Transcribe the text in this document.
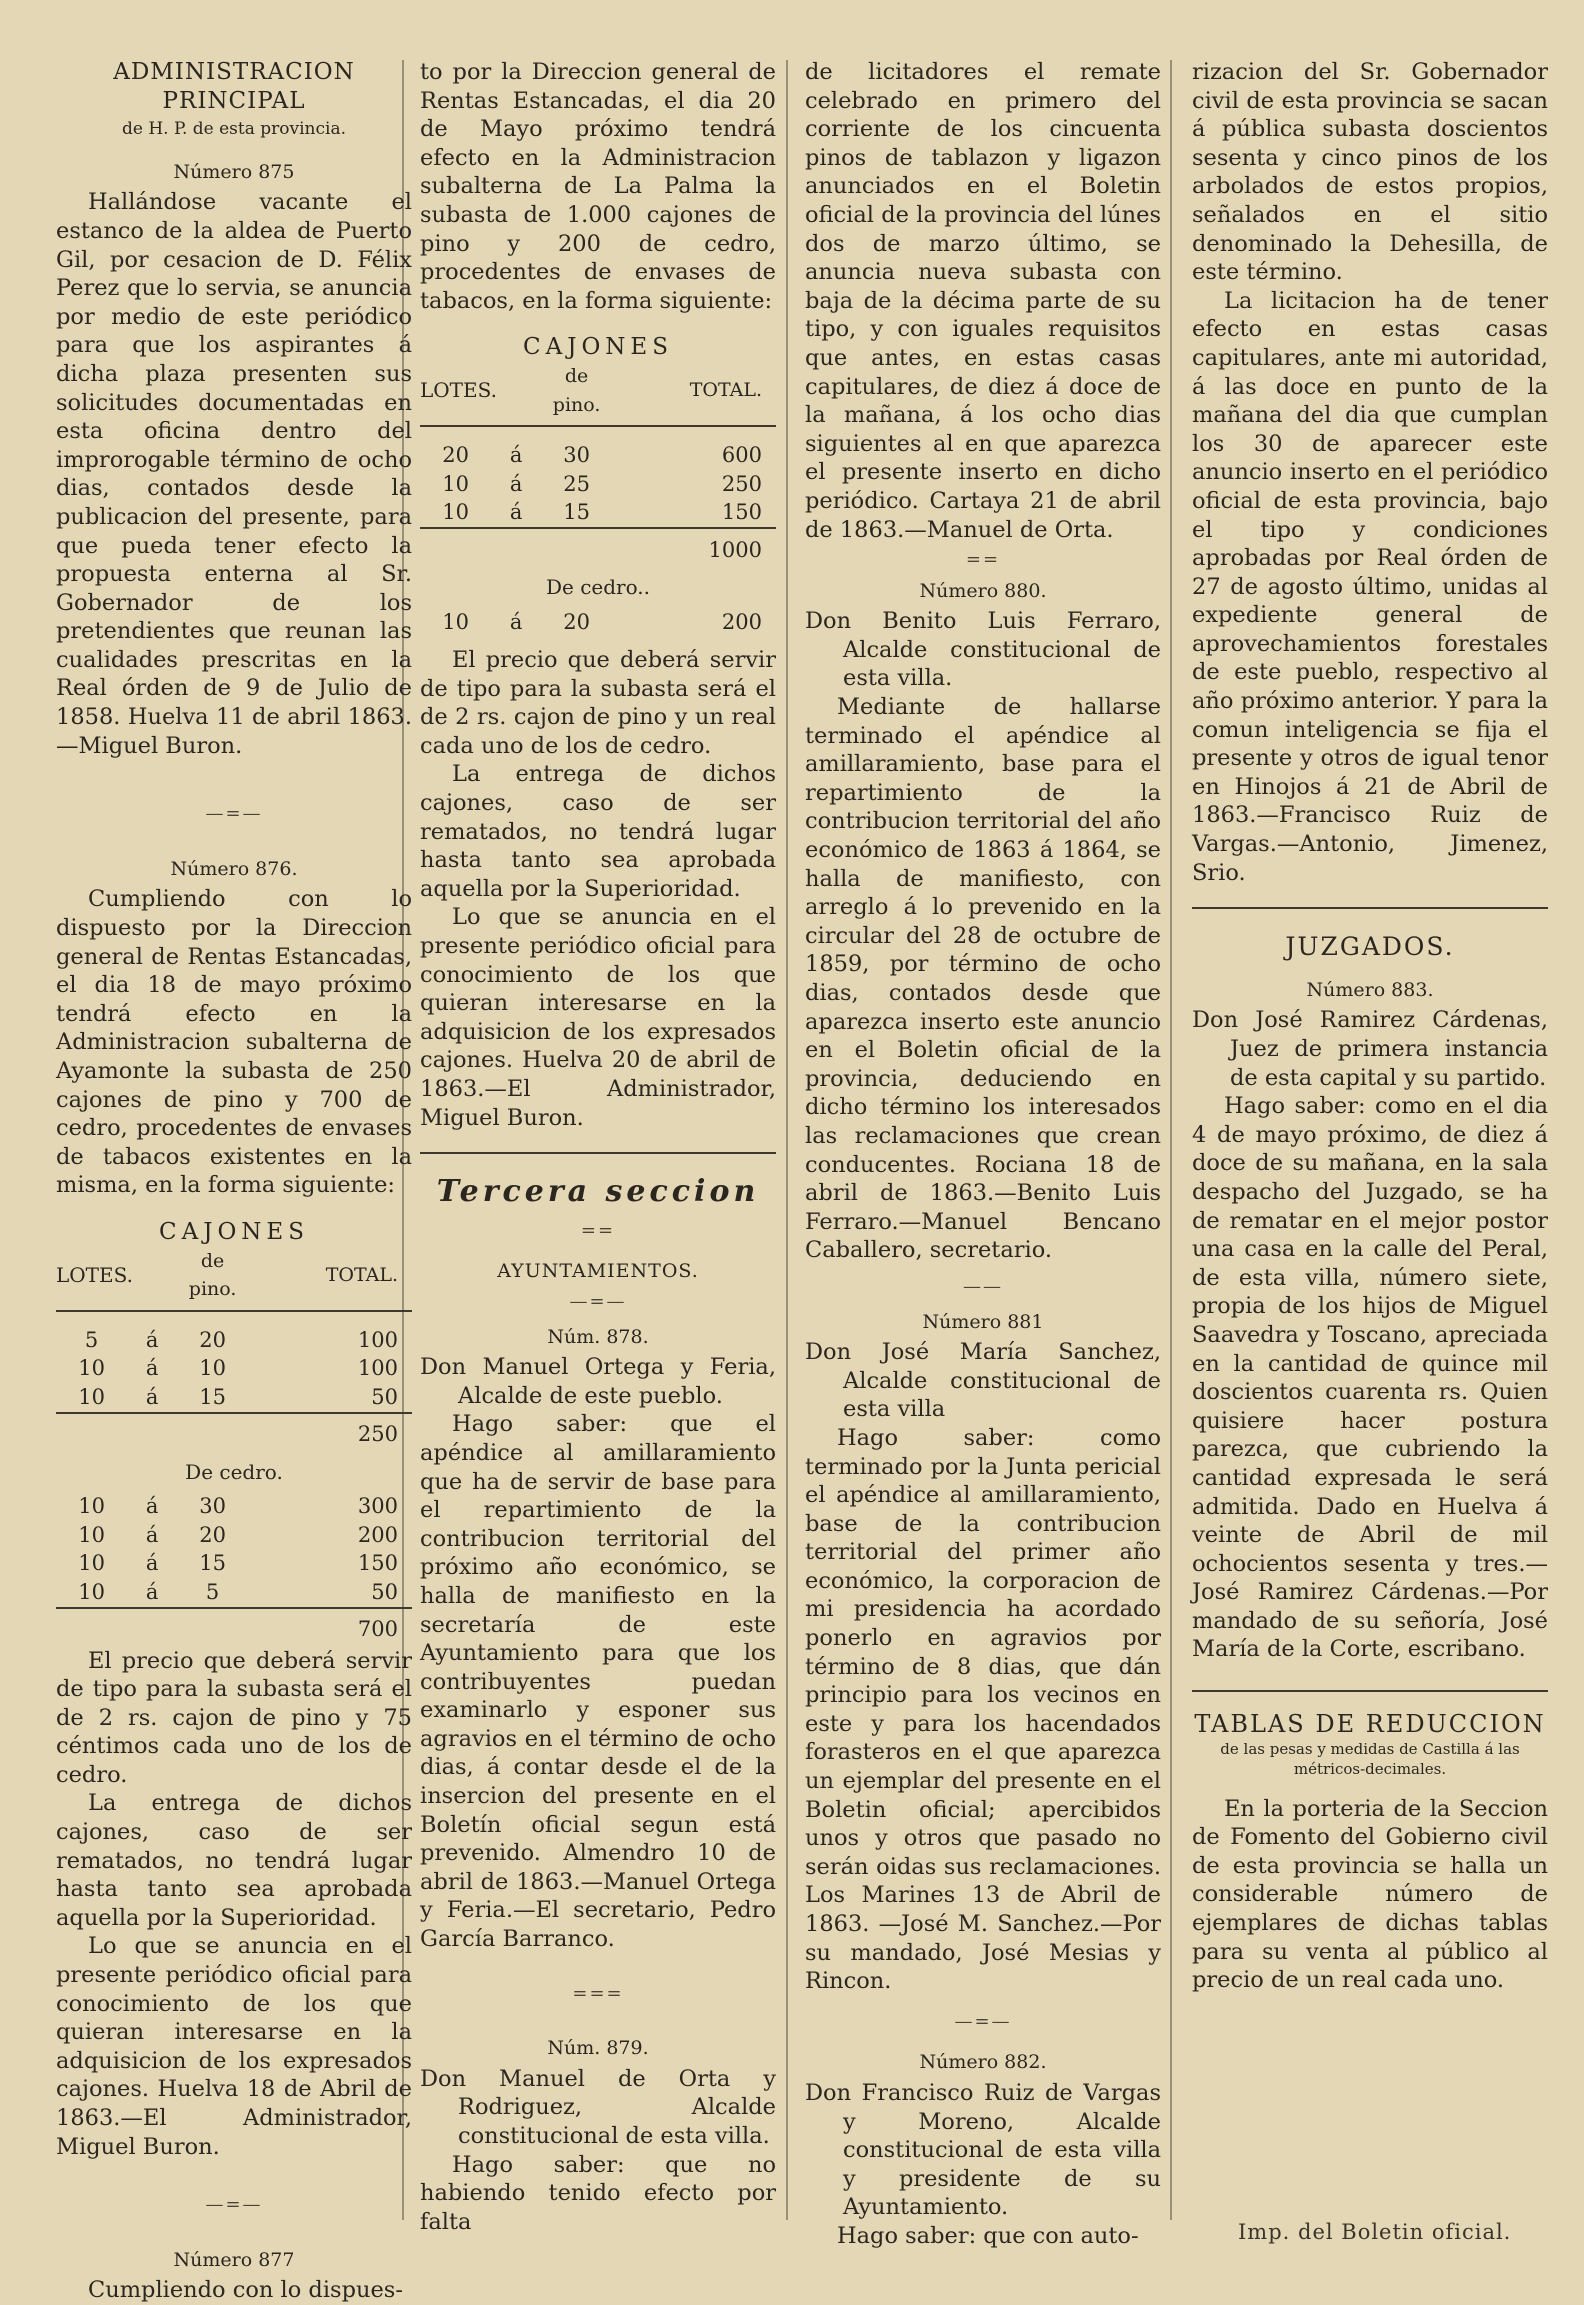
ADMINISTRACION PRINCIPAL
de H. P. de esta provincia.
Número 875

Hallándose vacante el estanco de la aldea de Puerto Gil, por cesacion de D. Félix Perez que lo servia, se anuncia por medio de este periódico para que los aspirantes á dicha plaza presenten sus solicitudes documentadas en esta oficina dentro del improrogable término de ocho dias, contados desde la publicacion del presente, para que pueda tener efecto la propuesta enterna al Sr. Gobernador de los pretendientes que reunan las cualidades prescritas en la Real órden de 9 de Julio de 1858. Huelva 11 de abril 1863.—Miguel Buron.

—=—
Número 876.

Cumpliendo con lo dispuesto por la Direccion general de Rentas Estancadas, el dia 18 de mayo próximo tendrá efecto en la Administracion subalterna de Ayamonte la subasta de 250 cajones de pino y 700 de cedro, procedentes de envases de tabacos existentes en la misma, en la forma siguiente:

CAJONES
LOTES.		de pino.	TOTAL.

5	á	20	100
10	á	10	100
10	á	15	50
			250
De cedro.
10	á	30	300
10	á	20	200
10	á	15	150
10	á	5	50
			700

El precio que deberá servir de tipo para la subasta será el de 2 rs. cajon de pino y 75 céntimos cada uno de los de cedro.

La entrega de dichos cajones, caso de ser rematados, no tendrá lugar hasta tanto sea aprobada aquella por la Superioridad.

Lo que se anuncia en el presente periódico oficial para conocimiento de los que quieran interesarse en la adquisicion de los expresados cajones. Huelva 18 de Abril de 1863.—El Administrador, Miguel Buron.

—=—
Número 877

Cumpliendo con lo dispues-

to por la Direccion general de Rentas Estancadas, el dia 20 de Mayo próximo tendrá efecto en la Administracion subalterna de La Palma la subasta de 1.000 cajones de pino y 200 de cedro, procedentes de envases de tabacos, en la forma siguiente:

CAJONES
LOTES.		de pino.	TOTAL.

20	á	30	600
10	á	25	250
10	á	15	150
			1000
De cedro..
10	á	20	200

El precio que deberá servir de tipo para la subasta será el de 2 rs. cajon de pino y un real cada uno de los de cedro.

La entrega de dichos cajones, caso de ser rematados, no tendrá lugar hasta tanto sea aprobada aquella por la Superioridad.

Lo que se anuncia en el presente periódico oficial para conocimiento de los que quieran interesarse en la adquisicion de los expresados cajones. Huelva 20 de abril de 1863.—El Administrador, Miguel Buron.

Tercera seccion
==
AYUNTAMIENTOS.
—=—
Núm. 878.

Don Manuel Ortega y Feria, Alcalde de este pueblo.

Hago saber: que el apéndice al amillaramiento que ha de servir de base para el repartimiento de la contribucion territorial del próximo año económico, se halla de manifiesto en la secretaría de este Ayuntamiento para que los contribuyentes puedan examinarlo y esponer sus agravios en el término de ocho dias, á contar desde el de la insercion del presente en el Boletín oficial segun está prevenido. Almendro 10 de abril de 1863.—Manuel Ortega y Feria.—El secretario, Pedro García Barranco.

===
Núm. 879.

Don Manuel de Orta y Rodriguez, Alcalde constitucional de esta villa.

Hago saber: que no habiendo tenido efecto por falta

de licitadores el remate celebrado en primero del corriente de los cincuenta pinos de tablazon y ligazon anunciados en el Boletin oficial de la provincia del lúnes dos de marzo último, se anuncia nueva subasta con baja de la décima parte de su tipo, y con iguales requisitos que antes, en estas casas capitulares, de diez á doce de la mañana, á los ocho dias siguientes al en que aparezca el presente inserto en dicho periódico. Cartaya 21 de abril de 1863.—Manuel de Orta.

==
Número 880.

Don Benito Luis Ferraro, Alcalde constitucional de esta villa.

Mediante de hallarse terminado el apéndice al amillaramiento, base para el repartimiento de la contribucion territorial del año económico de 1863 á 1864, se halla de manifiesto, con arreglo á lo prevenido en la circular del 28 de octubre de 1859, por término de ocho dias, contados desde que aparezca inserto este anuncio en el Boletin oficial de la provincia, deduciendo en dicho término los interesados las reclamaciones que crean conducentes. Rociana 18 de abril de 1863.—Benito Luis Ferraro.—Manuel Bencano Caballero, secretario.

——
Número 881

Don José María Sanchez, Alcalde constitucional de esta villa

Hago saber: como terminado por la Junta pericial el apéndice al amillaramiento, base de la contribucion territorial del primer año económico, la corporacion de mi presidencia ha acordado ponerlo en agravios por término de 8 dias, que dán principio para los vecinos en este y para los hacendados forasteros en el que aparezca un ejemplar del presente en el Boletin oficial; apercibidos unos y otros que pasado no serán oidas sus reclamaciones. Los Marines 13 de Abril de 1863. —José M. Sanchez.—Por su mandado, José Mesias y Rincon.

—=—
Número 882.

Don Francisco Ruiz de Vargas y Moreno, Alcalde constitucional de esta villa y presidente de su Ayuntamiento.

Hago saber: que con auto-

rizacion del Sr. Gobernador civil de esta provincia se sacan á pública subasta doscientos sesenta y cinco pinos de los arbolados de estos propios, señalados en el sitio denominado la Dehesilla, de este término.

La licitacion ha de tener efecto en estas casas capitulares, ante mi autoridad, á las doce en punto de la mañana del dia que cumplan los 30 de aparecer este anuncio inserto en el periódico oficial de esta provincia, bajo el tipo y condiciones aprobadas por Real órden de 27 de agosto último, unidas al expediente general de aprovechamientos forestales de este pueblo, respectivo al año próximo anterior. Y para la comun inteligencia se fija el presente y otros de igual tenor en Hinojos á 21 de Abril de 1863.—Francisco Ruiz de Vargas.—Antonio, Jimenez, Srio.

JUZGADOS.
Número 883.

Don José Ramirez Cárdenas, Juez de primera instancia de esta capital y su partido.

Hago saber: como en el dia 4 de mayo próximo, de diez á doce de su mañana, en la sala despacho del Juzgado, se ha de rematar en el mejor postor una casa en la calle del Peral, de esta villa, número siete, propia de los hijos de Miguel Saavedra y Toscano, apreciada en la cantidad de quince mil doscientos cuarenta rs. Quien quisiere hacer postura parezca, que cubriendo la cantidad expresada le será admitida. Dado en Huelva á veinte de Abril de mil ochocientos sesenta y tres.—José Ramirez Cárdenas.—Por mandado de su señoría, José María de la Corte, escribano.

TABLAS DE REDUCCION
de las pesas y medidas de Castilla á las métricos-decimales.

En la porteria de la Seccion de Fomento del Gobierno civil de esta provincia se halla un considerable número de ejemplares de dichas tablas para su venta al público al precio de un real cada uno.

Imp. del Boletin oficial.
